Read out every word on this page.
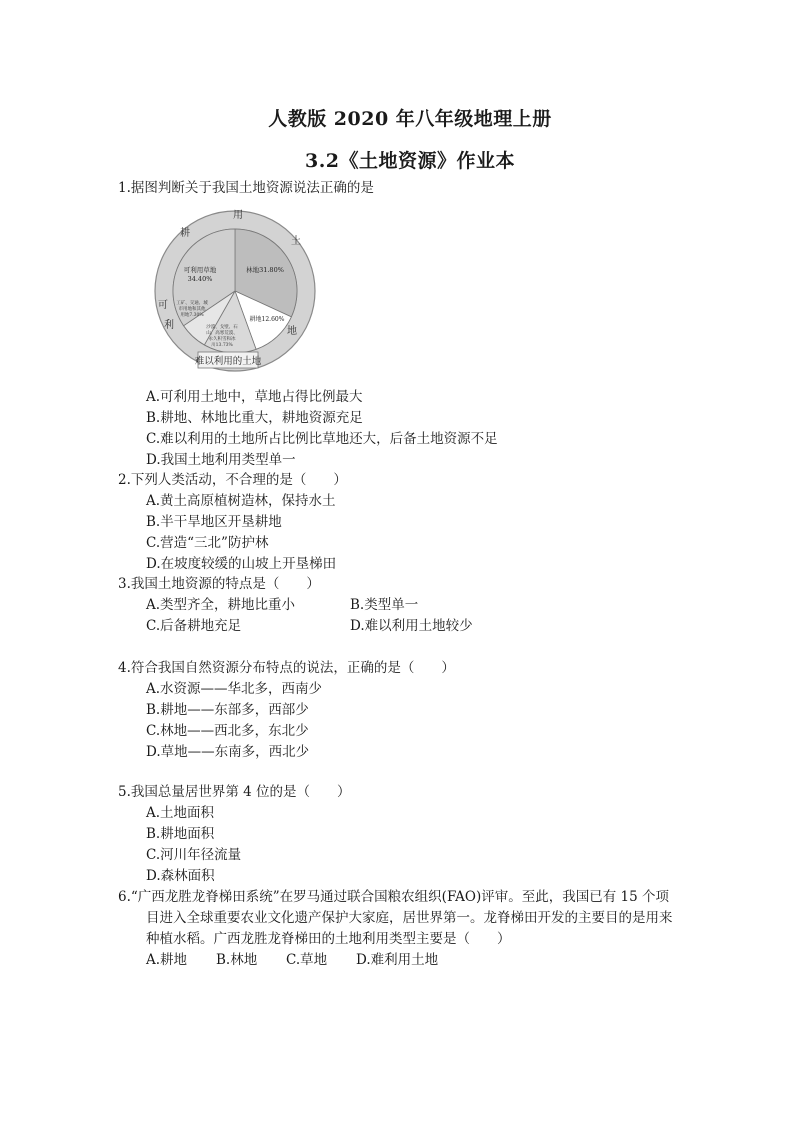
人教版 2020 年八年级地理上册
3.2《土地资源》作业本
1.据图判断关于我国土地资源说法正确的是
耕
用
土
地
可
利
难以利用的土地
林地31.80%
可利用草地
34.40%
耕地12.60%
工矿、交通、城
市用地和其他
用地7.30%
沙漠、戈壁、石
山、高寒荒漠、
永久积雪和冰
川13.73%
A.可利用土地中，草地占得比例最大
B.耕地、林地比重大，耕地资源充足
C.难以利用的土地所占比例比草地还大，后备土地资源不足
D.我国土地利用类型单一
2.下列人类活动，不合理的是（　　）
A.黄土高原植树造林，保持水土
B.半干旱地区开垦耕地
C.营造“三北”防护林
D.在坡度较缓的山坡上开垦梯田
3.我国土地资源的特点是（　　）
A.类型齐全，耕地比重小	B.类型单一
C.后备耕地充足	D.难以利用土地较少
4.符合我国自然资源分布特点的说法，正确的是（　　）
A.水资源——华北多，西南少
B.耕地——东部多，西部少
C.林地——西北多，东北少
D.草地——东南多，西北少
5.我国总量居世界第 4 位的是（　　）
A.土地面积
B.耕地面积
C.河川年径流量
D.森林面积
6.“广西龙胜龙脊梯田系统”在罗马通过联合国粮农组织(FAO)评审。至此，我国已有 15 个项
目进入全球重要农业文化遗产保护大家庭，居世界第一。龙脊梯田开发的主要目的是用来
种植水稻。广西龙胜龙脊梯田的土地利用类型主要是（　　）
A.耕地 B.林地 C.草地 D.难利用土地
